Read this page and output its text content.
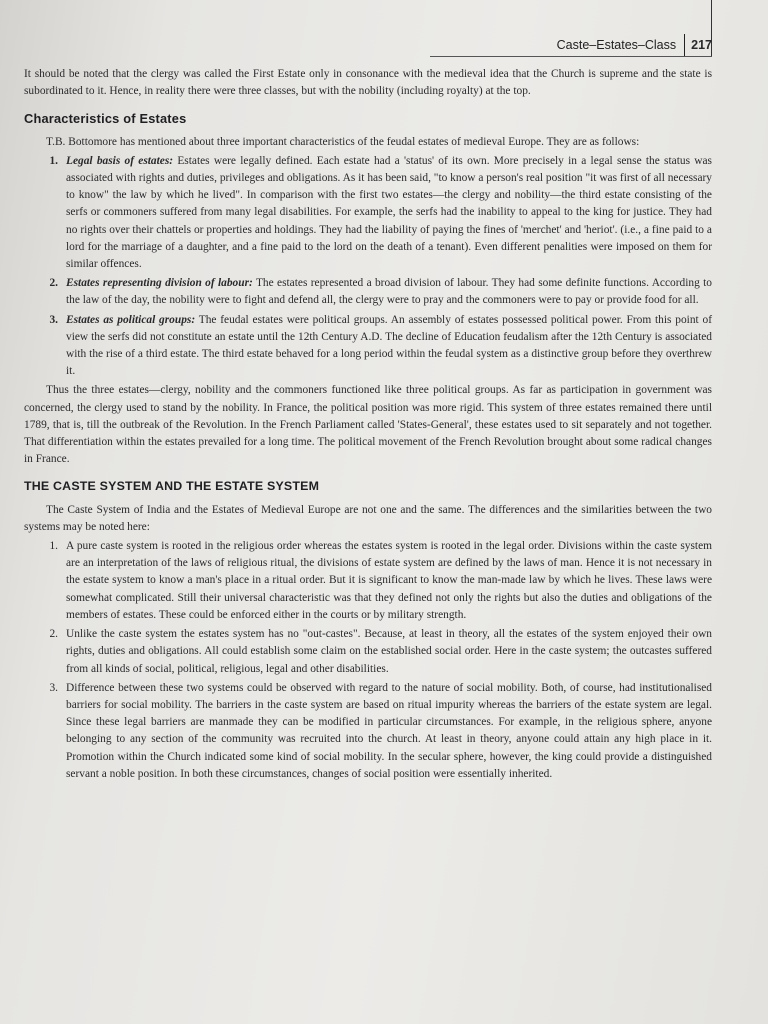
Caste–Estates–Class	217

It should be noted that the clergy was called the First Estate only in consonance with the medieval idea that the Church is supreme and the state is subordinated to it. Hence, in reality there were three classes, but with the nobility (including royalty) at the top.

Characteristics of Estates

T.B. Bottomore has mentioned about three important characteristics of the feudal estates of medieval Europe. They are as follows:

1. Legal basis of estates: Estates were legally defined. Each estate had a 'status' of its own. More precisely in a legal sense the status was associated with rights and duties, privileges and obligations. As it has been said, "to know a person's real position "it was first of all necessary to know" the law by which he lived". In comparison with the first two estates—the clergy and nobility—the third estate consisting of the serfs or commoners suffered from many legal disabilities. For example, the serfs had the inability to appeal to the king for justice. They had no rights over their chattels or properties and holdings. They had the liability of paying the fines of 'merchet' and 'heriot'. (i.e., a fine paid to a lord for the marriage of a daughter, and a fine paid to the lord on the death of a tenant). Even different penalities were imposed on them for similar offences.
2. Estates representing division of labour: The estates represented a broad division of labour. They had some definite functions. According to the law of the day, the nobility were to fight and defend all, the clergy were to pray and the commoners were to pay or provide food for all.
3. Estates as political groups: The feudal estates were political groups. An assembly of estates possessed political power. From this point of view the serfs did not constitute an estate until the 12th Century A.D. The decline of Education feudalism after the 12th Century is associated with the rise of a third estate. The third estate behaved for a long period within the feudal system as a distinctive group before they overthrew it.

Thus the three estates—clergy, nobility and the commoners functioned like three political groups. As far as participation in government was concerned, the clergy used to stand by the nobility. In France, the political position was more rigid. This system of three estates remained there until 1789, that is, till the outbreak of the Revolution. In the French Parliament called 'States-General', these estates used to sit separately and not together. That differentiation within the estates prevailed for a long time. The political movement of the French Revolution brought about some radical changes in France.

THE CASTE SYSTEM AND THE ESTATE SYSTEM

The Caste System of India and the Estates of Medieval Europe are not one and the same. The differences and the similarities between the two systems may be noted here:

1. A pure caste system is rooted in the religious order whereas the estates system is rooted in the legal order. Divisions within the caste system are an interpretation of the laws of religious ritual, the divisions of estate system are defined by the laws of man. Hence it is not necessary in the estate system to know a man's place in a ritual order. But it is significant to know the man-made law by which he lives. These laws were somewhat complicated. Still their universal characteristic was that they defined not only the rights but also the duties and obligations of the members of estates. These could be enforced either in the courts or by military strength.
2. Unlike the caste system the estates system has no "out-castes". Because, at least in theory, all the estates of the system enjoyed their own rights, duties and obligations. All could establish some claim on the established social order. Here in the caste system; the outcastes suffered from all kinds of social, political, religious, legal and other disabilities.
3. Difference between these two systems could be observed with regard to the nature of social mobility. Both, of course, had institutionalised barriers for social mobility. The barriers in the caste system are based on ritual impurity whereas the barriers of the estate system are legal. Since these legal barriers are manmade they can be modified in particular circumstances. For example, in the religious sphere, anyone belonging to any section of the community was recruited into the church. At least in theory, anyone could attain any high place in it. Promotion within the Church indicated some kind of social mobility. In the secular sphere, however, the king could provide a distinguished servant a noble position. In both these circumstances, changes of social position were essentially inherited.
